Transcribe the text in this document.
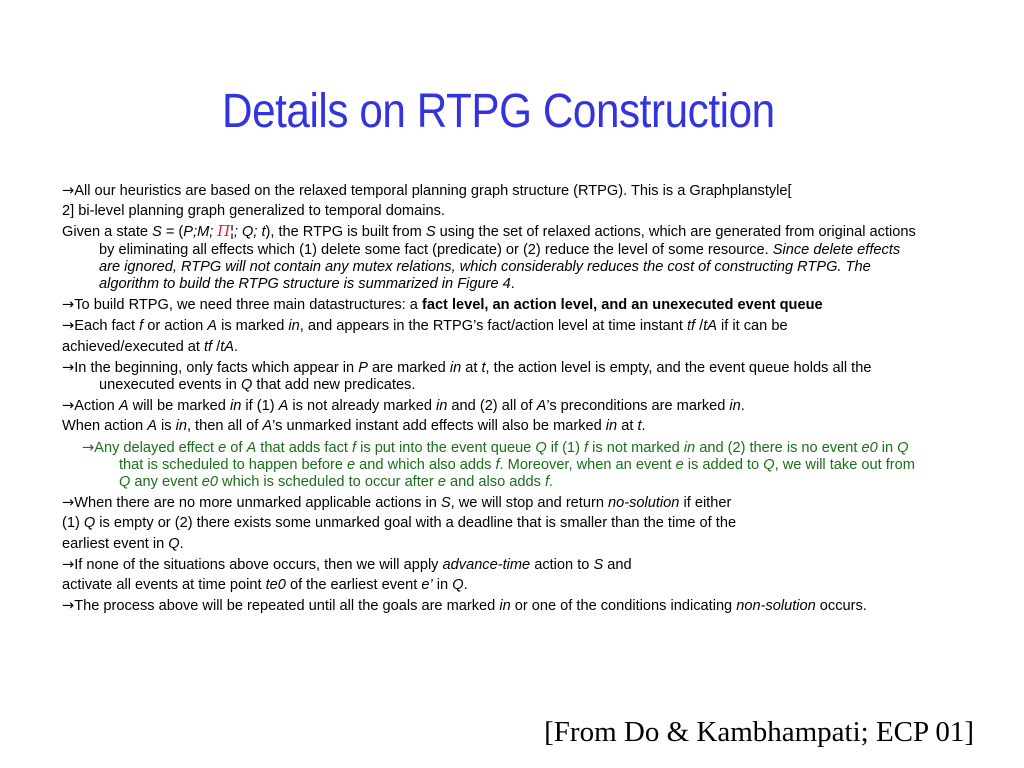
Details on RTPG Construction
→All our heuristics are based on the relaxed temporal planning graph structure (RTPG). This is a Graphplanstyle[
2] bi-level planning graph generalized to temporal domains.
Given a state S = (P;M; Π¦; Q; t), the RTPG is built from S using the set of relaxed actions, which are generated from original actions by eliminating all effects which (1) delete some fact (predicate) or (2) reduce the level of some resource. Since delete effects are ignored, RTPG will not contain any mutex relations, which considerably reduces the cost of constructing RTPG. The algorithm to build the RTPG structure is summarized in Figure 4.
→To build RTPG, we need three main datastructures: a fact level, an action level, and an unexecuted event queue
→Each fact f or action A is marked in, and appears in the RTPG’s fact/action level at time instant tf /tA if it can be
achieved/executed at tf /tA.
→In the beginning, only facts which appear in P are marked in at t, the action level is empty, and the event queue holds all the unexecuted events in Q that add new predicates.
→Action A will be marked in if (1) A is not already marked in and (2) all of A’s preconditions are marked in.
When action A is in, then all of A’s unmarked instant add effects will also be marked in at t.
→Any delayed effect e of A that adds fact f is put into the event queue Q if (1) f is not marked in and (2) there is no event e0 in Q that is scheduled to happen before e and which also adds f. Moreover, when an event e is added to Q, we will take out from Q any event e0 which is scheduled to occur after e and also adds f.
→When there are no more unmarked applicable actions in S, we will stop and return no-solution if either
(1) Q is empty or (2) there exists some unmarked goal with a deadline that is smaller than the time of the
earliest event in Q.
→If none of the situations above occurs, then we will apply advance-time action to S and
activate all events at time point te0 of the earliest event e’ in Q.
→The process above will be repeated until all the goals are marked in or one of the conditions indicating non-solution occurs.
[From Do & Kambhampati; ECP 01]
